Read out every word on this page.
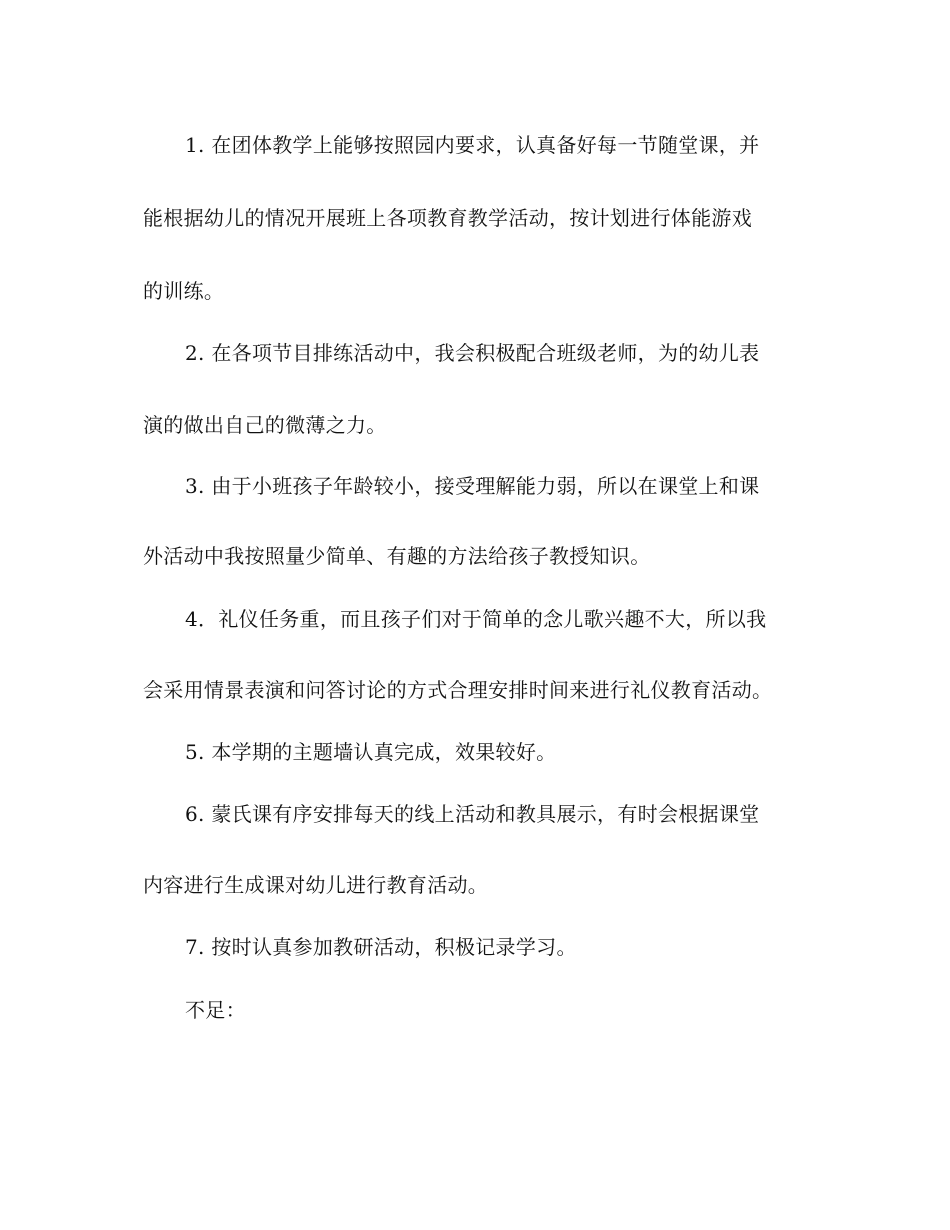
1. 在团体教学上能够按照园内要求，认真备好每一节随堂课，并

能根据幼儿的情况开展班上各项教育教学活动，按计划进行体能游戏

的训练。

2. 在各项节目排练活动中，我会积极配合班级老师，为的幼儿表

演的做出自己的微薄之力。

3. 由于小班孩子年龄较小，接受理解能力弱，所以在课堂上和课

外活动中我按照量少简单、有趣的方法给孩子教授知识。

4．礼仪任务重，而且孩子们对于简单的念儿歌兴趣不大，所以我

会采用情景表演和问答讨论的方式合理安排时间来进行礼仪教育活动。

5. 本学期的主题墙认真完成，效果较好。

6. 蒙氏课有序安排每天的线上活动和教具展示，有时会根据课堂

内容进行生成课对幼儿进行教育活动。

7. 按时认真参加教研活动，积极记录学习。

不足：
